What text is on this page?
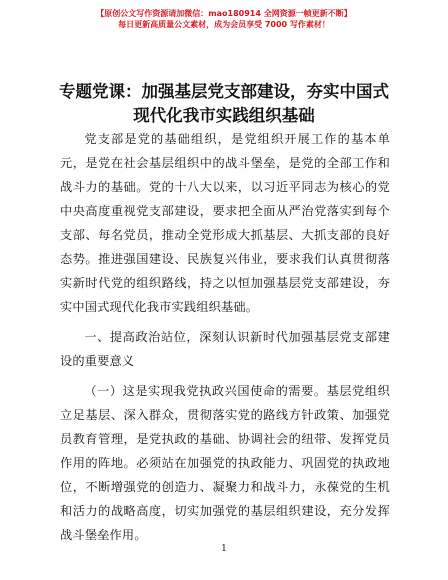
【原创公文写作资源请加微信：mao180914 全网资源一帧更新不断】
每日更新高质量公文素材，成为会员享受 7000 写作素材！
专题党课：加强基层党支部建设，夯实中国式
现代化我市实践组织基础

党支部是党的基础组织，是党组织开展工作的基本单元，是党在社会基层组织中的战斗堡垒，是党的全部工作和战斗力的基础。党的十八大以来，以习近平同志为核心的党中央高度重视党支部建设，要求把全面从严治党落实到每个支部、每名党员，推动全党形成大抓基层、大抓支部的良好态势。推进强国建设、民族复兴伟业，要求我们认真贯彻落实新时代党的组织路线，持之以恒加强基层党支部建设，夯实中国式现代化我市实践组织基础。

一、提高政治站位，深刻认识新时代加强基层党支部建设的重要意义

（一）这是实现我党执政兴国使命的需要。基层党组织立足基层、深入群众，贯彻落实党的路线方针政策、加强党员教育管理，是党执政的基础、协调社会的纽带、发挥党员作用的阵地。必须站在加强党的执政能力、巩固党的执政地位，不断增强党的创造力、凝聚力和战斗力，永葆党的生机和活力的战略高度，切实加强党的基层组织建设，充分发挥战斗堡垒作用。

1
